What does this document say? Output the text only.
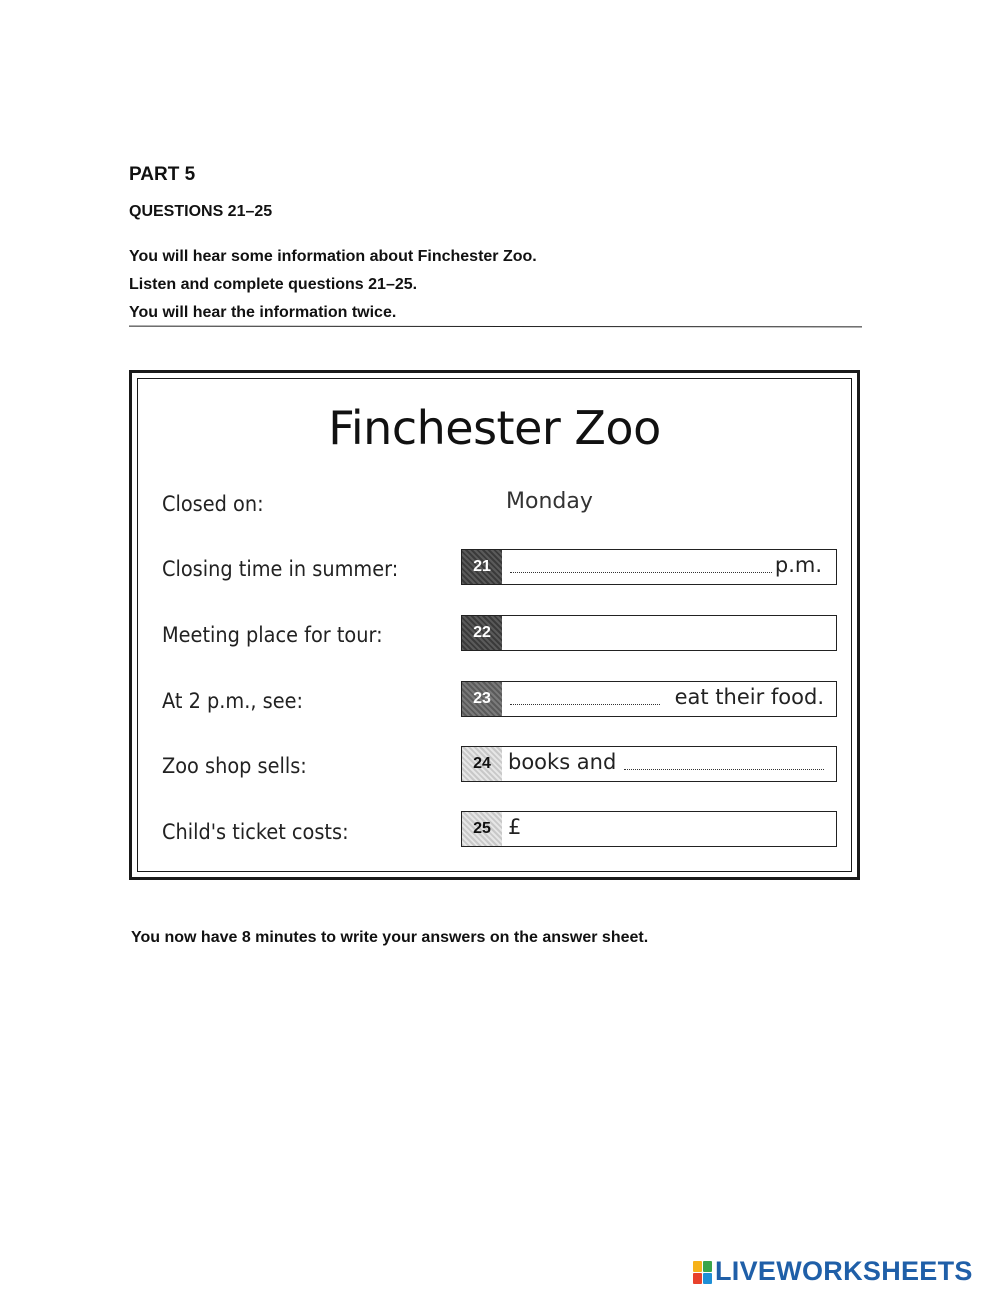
PART 5
QUESTIONS 21–25
You will hear some information about Finchester Zoo.
Listen and complete questions 21–25.
You will hear the information twice.
Finchester Zoo
Closed on:	Monday
Closing time in summer:	21	p.m.
Meeting place for tour:	22
At 2 p.m., see:	23	eat their food.
Zoo shop sells:	24 books and
Child's ticket costs:	25 £
You now have 8 minutes to write your answers on the answer sheet.
LIVEWORKSHEETS
